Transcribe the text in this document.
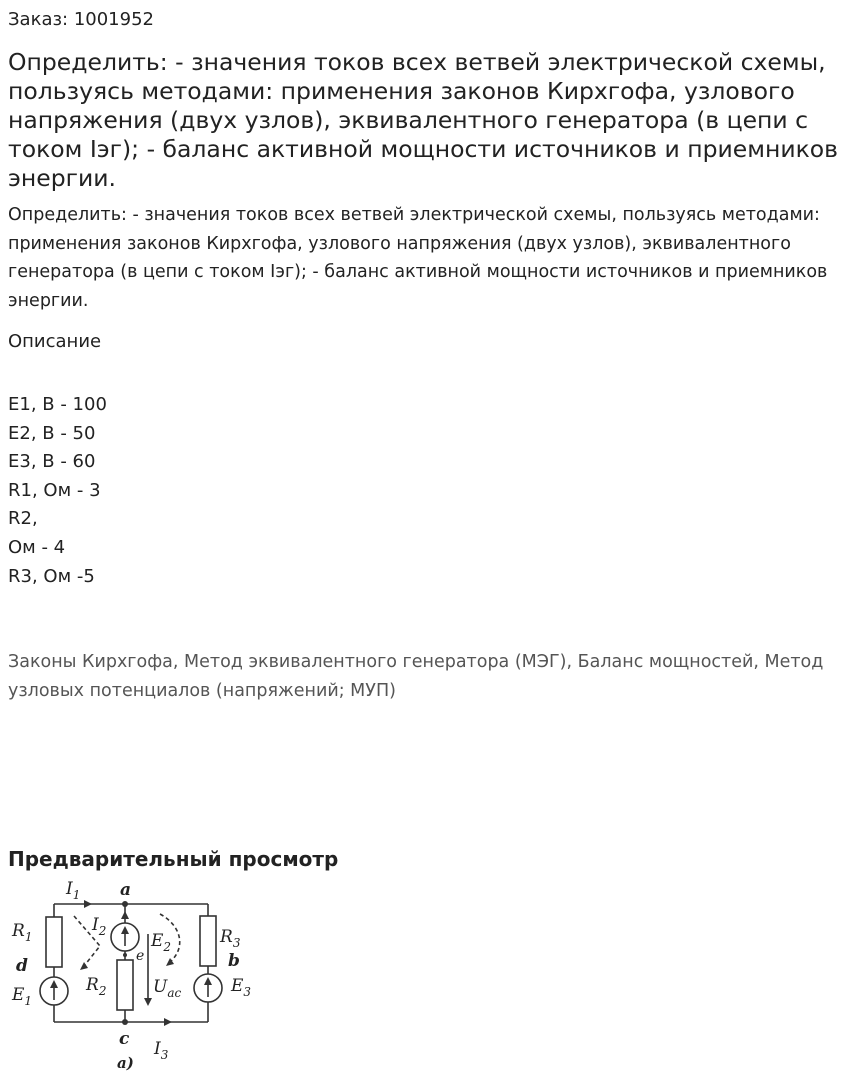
Заказ: 1001952
Определить: - значения токов всех ветвей электрической схемы, пользуясь методами: применения законов Кирхгофа, узлового напряжения (двух узлов), эквивалентного генератора (в цепи с током Iэг); - баланс активной мощности источников и приемников энергии.

Определить: - значения токов всех ветвей электрической схемы, пользуясь методами: применения законов Кирхгофа, узлового напряжения (двух узлов), эквивалентного генератора (в цепи с током Iэг); - баланс активной мощности источников и приемников энергии.

Описание
E1, В - 100
E2, В - 50
E3, В - 60
R1, Ом - 3
R2,
Ом - 4
R3, Ом -5

Законы Кирхгофа, Метод эквивалентного генератора (МЭГ), Баланс мощностей, Метод узловых потенциалов (напряжений; МУП)

Предварительный просмотр
$I_1$ a
$I_2$	$E_2$
e
$R_1$
d
$E_1$
$R_2$	$U_{ac}$
$R_3$
b
$E_3$
c $I_3$
а)
